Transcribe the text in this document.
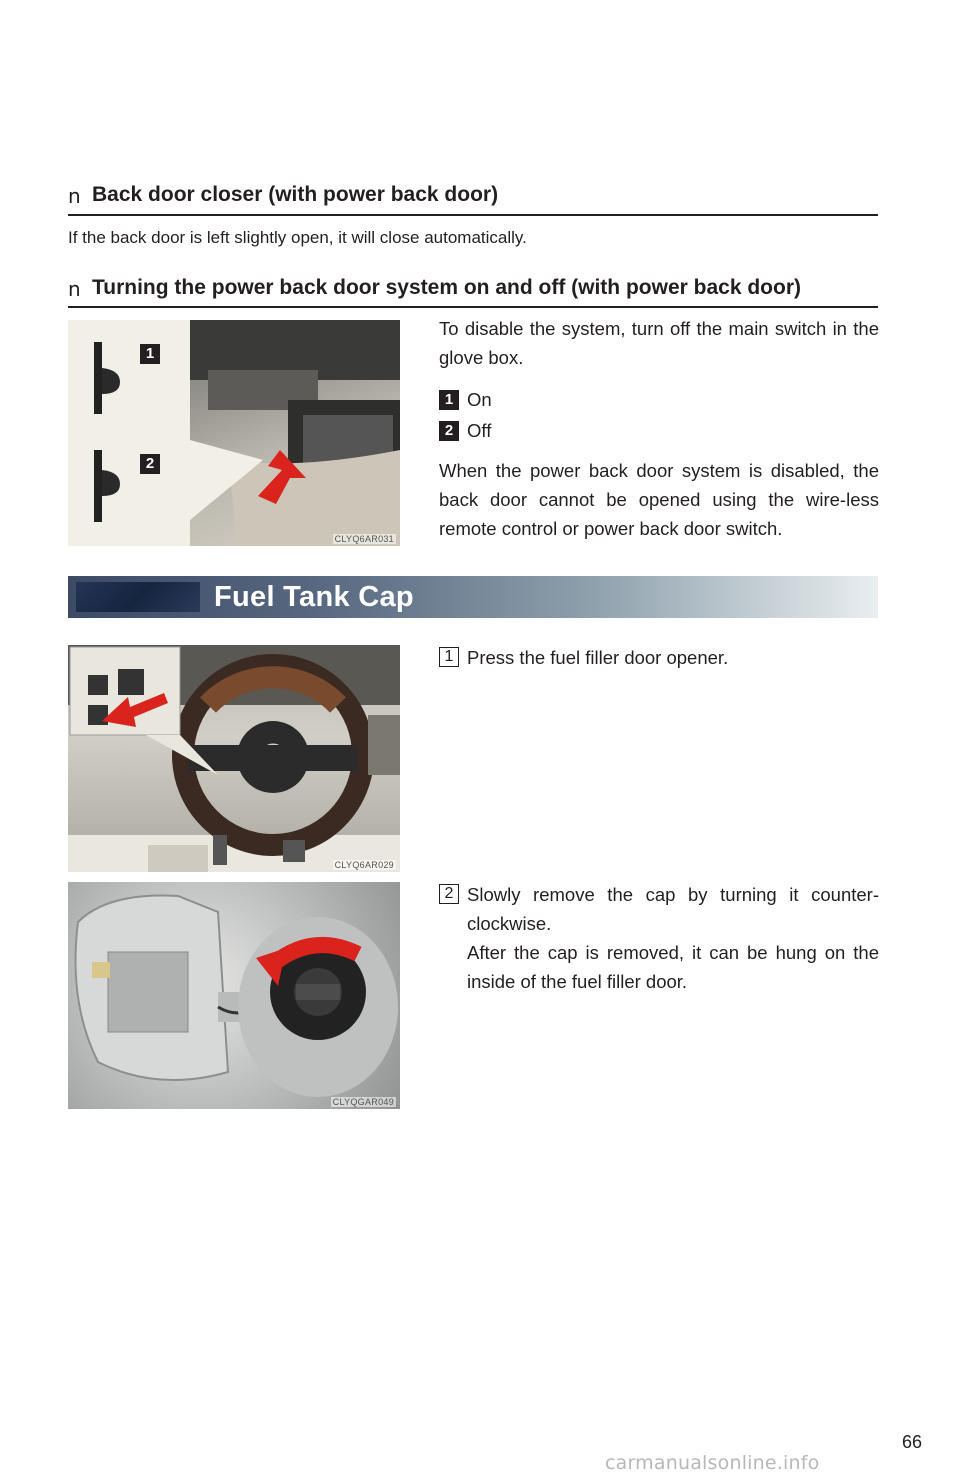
n Back door closer (with power back door)
If the back door is left slightly open, it will close automatically.
n Turning the power back door system on and off (with power back door)
1
2
CLYQ6AR031
To disable the system, turn off the main switch in the glove box.
1 On
2 Off
When the power back door system is disabled, the back door cannot be opened using the wire-less remote control or power back door switch.
Fuel Tank Cap
CLYQ6AR029
1 Press the fuel filler door opener.
CLYQGAR049
2 Slowly remove the cap by turning it counter-clockwise.
After the cap is removed, it can be hung on the inside of the fuel filler door.
66
carmanualsonline.info
